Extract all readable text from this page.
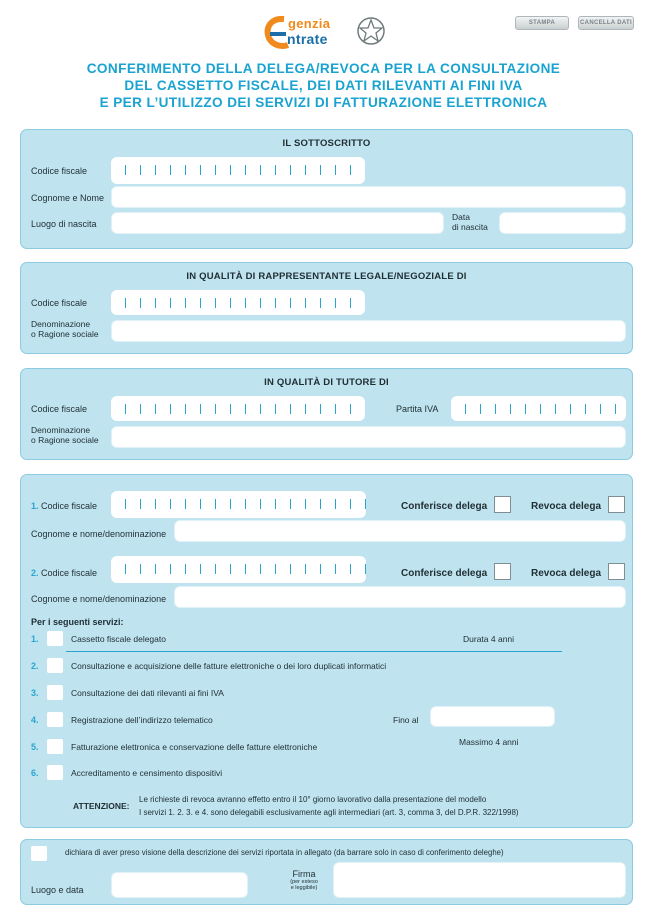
genzia
ntrate
STAMPA	CANCELLA DATI
CONFERIMENTO DELLA DELEGA/REVOCA PER LA CONSULTAZIONE
DEL CASSETTO FISCALE, DEI DATI RILEVANTI AI FINI IVA
E PER L’UTILIZZO DEI SERVIZI DI FATTURAZIONE ELETTRONICA
IL SOTTOSCRITTO
Codice fiscale
Cognome e Nome
Luogo di nascita
Data
di nascita
IN QUALITÀ DI RAPPRESENTANTE LEGALE/NEGOZIALE DI
Codice fiscale
Denominazione
o Ragione sociale
IN QUALITÀ DI TUTORE DI
Codice fiscale	Partita IVA
Denominazione
o Ragione sociale
1. Codice fiscale	Conferisce delega	Revoca delega
Cognome e nome/denominazione
2. Codice fiscale	Conferisce delega	Revoca delega
Cognome e nome/denominazione
Per i seguenti servizi:
1.	Cassetto fiscale delegato	Durata 4 anni
2.	Consultazione e acquisizione delle fatture elettroniche o dei loro duplicati informatici
3.	Consultazione dei dati rilevanti ai fini IVA
4.	Registrazione dell’indirizzo telematico	Fino al
Massimo 4 anni
5.	Fatturazione elettronica e conservazione delle fatture elettroniche
6.	Accreditamento e censimento dispositivi
ATTENZIONE:
Le richieste di revoca avranno effetto entro il 10° giorno lavorativo dalla presentazione del modello
I servizi 1. 2. 3. e 4. sono delegabili esclusivamente agli intermediari (art. 3, comma 3, del D.P.R. 322/1998)
dichiara di aver preso visione della descrizione dei servizi riportata in allegato (da barrare solo in caso di conferimento deleghe)
Luogo e data
Firma
(per esteso
e leggibile)
